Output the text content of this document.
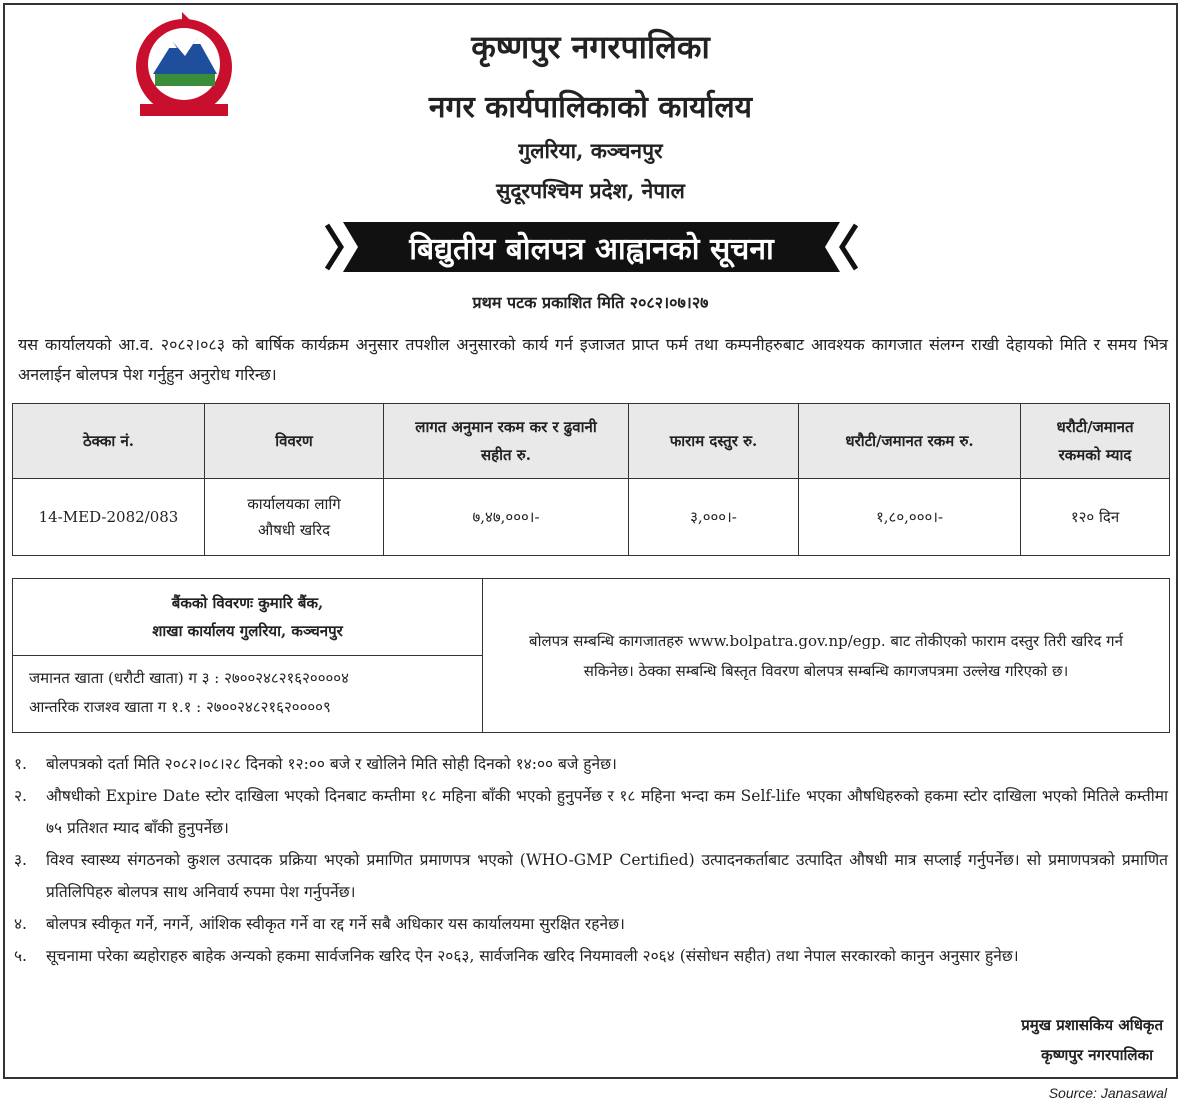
कृष्णपुर नगरपालिका
नगर कार्यपालिकाको कार्यालय
गुलरिया, कञ्चनपुर
सुदूरपश्चिम प्रदेश, नेपाल
बिद्युतीय बोलपत्र आह्वानको सूचना
प्रथम पटक प्रकाशित मिति २०८२।०७।२७
यस कार्यालयको आ.व. २०८२।०८३ को बार्षिक कार्यक्रम अनुसार तपशील अनुसारको कार्य गर्न इजाजत प्राप्त फर्म तथा कम्पनीहरुबाट आवश्यक कागजात संलग्न राखी देहायको मिति र समय भित्र अनलाईन बोलपत्र पेश गर्नुहुन अनुरोध गरिन्छ।
ठेक्का नं.	विवरण	लागत अनुमान रकम कर र ढुवानी सहीत रु.	फाराम दस्तुर रु.	धरौटी/जमानत रकम रु.	धरौटी/जमानत रकमको म्याद
14-MED-2082/083	कार्यालयका लागि औषधी खरिद	७,४७,०००।-	३,०००।-	१,८०,०००।-	१२० दिन
बैंकको विवरणः कुमारि बैंक,
शाखा कार्यालय गुलरिया, कञ्चनपुर
जमानत खाता (धरौटी खाता) ग ३ : २७००२४८२१६२००००४
आन्तरिक राजश्व खाता ग १.१ : २७००२४८२१६२००००९
बोलपत्र सम्बन्धि कागजातहरु www.bolpatra.gov.np/egp. बाट तोकीएको फाराम दस्तुर तिरी खरिद गर्न सकिनेछ। ठेक्का सम्बन्धि बिस्तृत विवरण बोलपत्र सम्बन्धि कागजपत्रमा उल्लेख गरिएको छ।
१.	बोलपत्रको दर्ता मिति २०८२।०८।२८ दिनको १२:०० बजे र खोलिने मिति सोही दिनको १४:०० बजे हुनेछ।
२.	औषधीको Expire Date स्टोर दाखिला भएको दिनबाट कम्तीमा १८ महिना बाँकी भएको हुनुपर्नेछ र १८ महिना भन्दा कम Self-life भएका औषधिहरुको हकमा स्टोर दाखिला भएको मितिले कम्तीमा ७५ प्रतिशत म्याद बाँकी हुनुपर्नेछ।
३.	विश्व स्वास्थ्य संगठनको कुशल उत्पादक प्रक्रिया भएको प्रमाणित प्रमाणपत्र भएको (WHO-GMP Certified) उत्पादनकर्ताबाट उत्पादित औषधी मात्र सप्लाई गर्नुपर्नेछ। सो प्रमाणपत्रको प्रमाणित प्रतिलिपिहरु बोलपत्र साथ अनिवार्य रुपमा पेश गर्नुपर्नेछ।
४.	बोलपत्र स्वीकृत गर्ने, नगर्ने, आंशिक स्वीकृत गर्ने वा रद्द गर्ने सबै अधिकार यस कार्यालयमा सुरक्षित रहनेछ।
५.	सूचनामा परेका ब्यहोराहरु बाहेक अन्यको हकमा सार्वजनिक खरिद ऐन २०६३, सार्वजनिक खरिद नियमावली २०६४ (संसोधन सहीत) तथा नेपाल सरकारको कानुन अनुसार हुनेछ।
प्रमुख प्रशासकिय अधिकृत
कृष्णपुर नगरपालिका
Source: Janasawal
